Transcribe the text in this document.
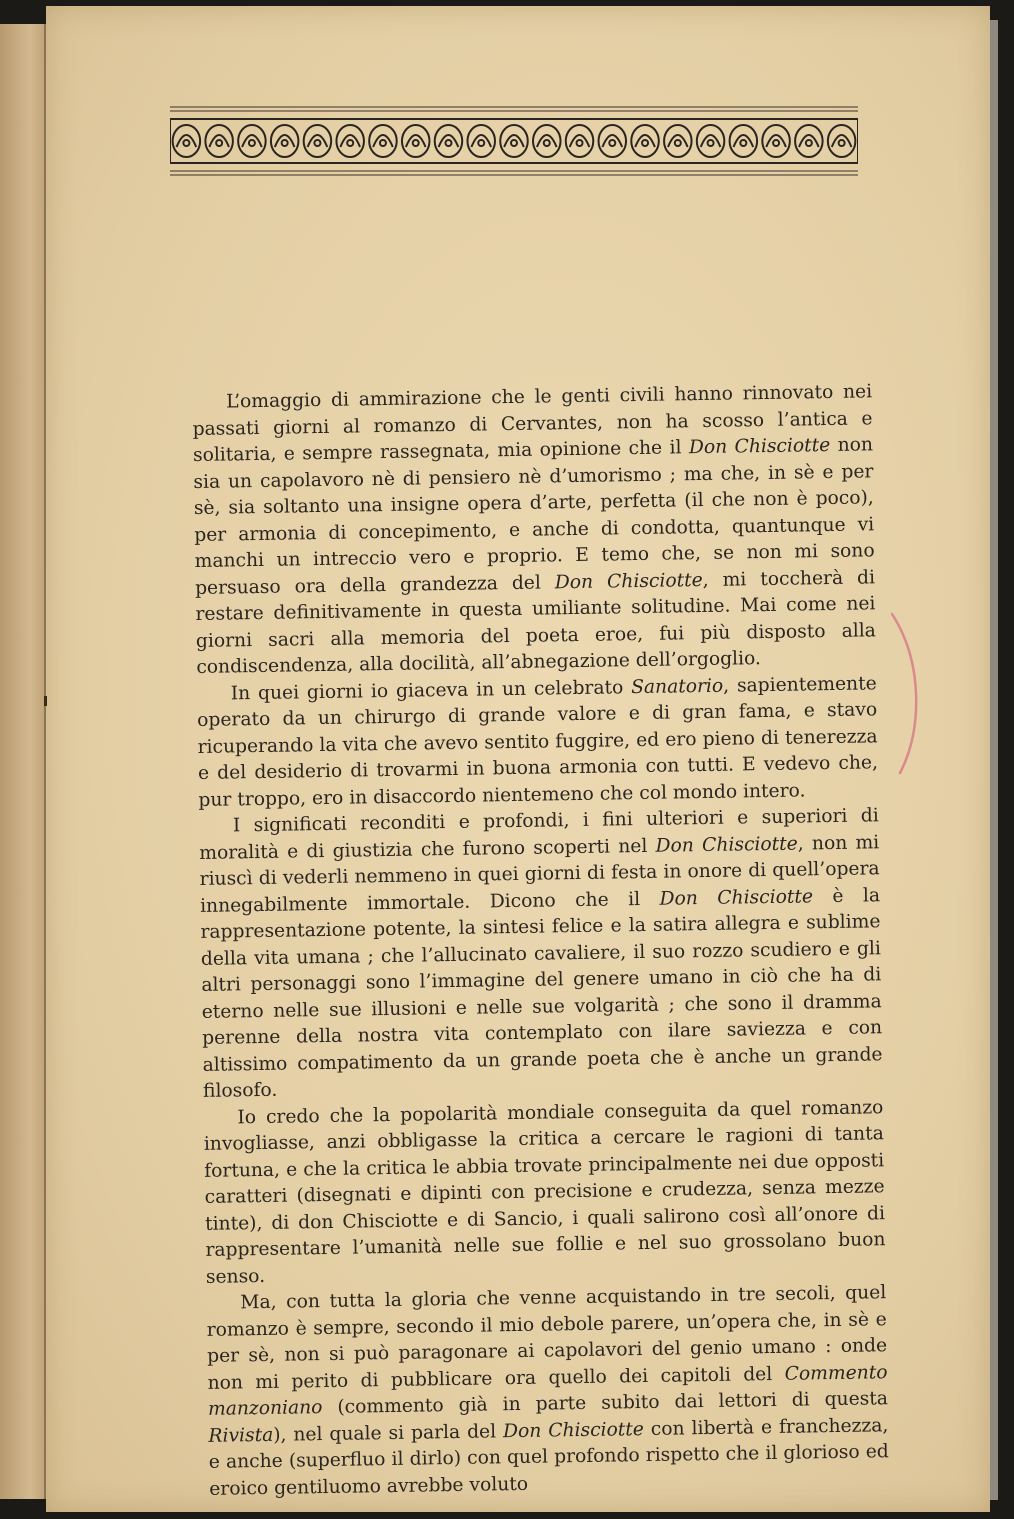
L’omaggio di ammirazione che le genti civili hanno rinnovato nei passati giorni al romanzo di Cervantes, non ha scosso l’antica e solitaria, e sempre rassegnata, mia opinione che il Don Chisciotte non sia un capolavoro nè di pensiero nè d’umorismo ; ma che, in sè e per sè, sia soltanto una insigne opera d’arte, perfetta (il che non è poco), per armonia di concepimento, e anche di condotta, quantunque vi manchi un intreccio vero e proprio. E temo che, se non mi sono persuaso ora della grandezza del Don Chisciotte, mi toccherà di restare definitivamente in questa umiliante solitudine. Mai come nei giorni sacri alla memoria del poeta eroe, fui più disposto alla condiscendenza, alla docilità, all’abnegazione dell’orgoglio.

In quei giorni io giaceva in un celebrato Sanatorio, sapientemente operato da un chirurgo di grande valore e di gran fama, e stavo ricuperando la vita che avevo sentito fuggire, ed ero pieno di tenerezza e del desiderio di trovarmi in buona armonia con tutti. E vedevo che, pur troppo, ero in disaccordo nientemeno che col mondo intero.

I significati reconditi e profondi, i fini ulteriori e superiori di moralità e di giustizia che furono scoperti nel Don Chisciotte, non mi riuscì di vederli nemmeno in quei giorni di festa in onore di quell’opera innegabilmente immortale. Dicono che il Don Chisciotte è la rappresentazione potente, la sintesi felice e la satira allegra e sublime della vita umana ; che l’allucinato cavaliere, il suo rozzo scudiero e gli altri personaggi sono l’immagine del genere umano in ciò che ha di eterno nelle sue illusioni e nelle sue volgarità ; che sono il dramma perenne della nostra vita contemplato con ilare saviezza e con altissimo compatimento da un grande poeta che è anche un grande filosofo.

Io credo che la popolarità mondiale conseguita da quel romanzo invogliasse, anzi obbligasse la critica a cercare le ragioni di tanta fortuna, e che la critica le abbia trovate principalmente nei due opposti caratteri (disegnati e dipinti con precisione e crudezza, senza mezze tinte), di don Chisciotte e di Sancio, i quali salirono così all’onore di rappresentare l’umanità nelle sue follie e nel suo grossolano buon senso.

Ma, con tutta la gloria che venne acquistando in tre secoli, quel romanzo è sempre, secondo il mio debole parere, un’opera che, in sè e per sè, non si può paragonare ai capolavori del genio umano : onde non mi perito di pubblicare ora quello dei capitoli del Commento manzoniano (commento già in parte subito dai lettori di questa Rivista), nel quale si parla del Don Chisciotte con libertà e franchezza, e anche (superfluo il dirlo) con quel profondo rispetto che il glorioso ed eroico gentiluomo avrebbe voluto
